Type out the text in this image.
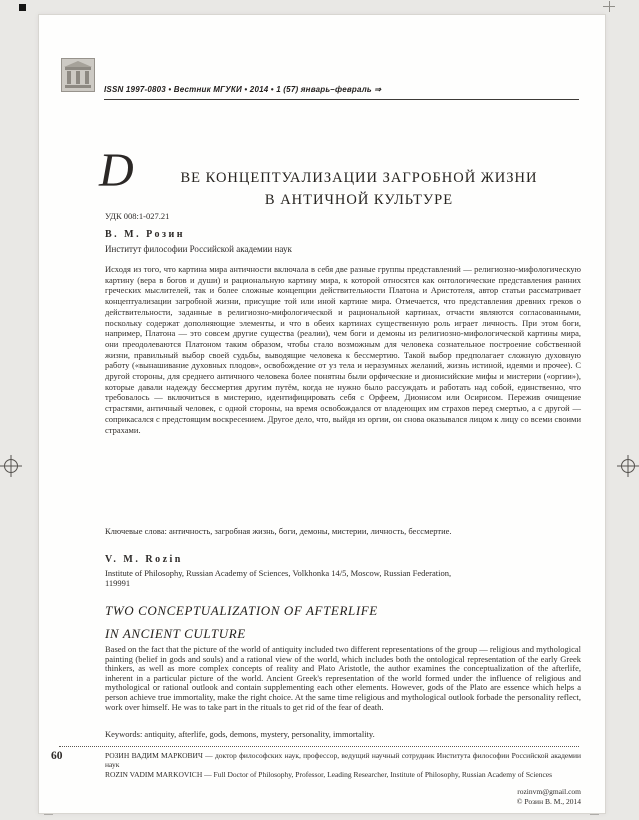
ISSN 1997-0803 • Вестник МГУКИ • 2014 • 1 (57) январь–февраль ⇒
D	ВЕ КОНЦЕПТУАЛИЗАЦИИ ЗАГРОБНОЙ ЖИЗНИ
В АНТИЧНОЙ КУЛЬТУРЕ
УДК 008:1-027.21
В. М. Розин
Институт философии Российской академии наук
Исходя из того, что картина мира античности включала в себя две разные группы представлений — религиозно-мифологическую картину (вера в богов и души) и рациональную картину мира, к которой относятся как онтологические представления ранних греческих мыслителей, так и более сложные концепции действительности Платона и Аристотеля, автор статьи рассматривает концептуализации загробной жизни, присущие той или иной картине мира. Отмечается, что представления древних греков о действительности, заданные в религиозно-мифологической и рациональной картинах, отчасти являются согласованными, поскольку содержат дополняющие элементы, и что в обеих картинах существенную роль играет личность. При этом боги, например, Платона — это совсем другие существа (реалии), чем боги и демоны из религиозно-мифологической картины мира, они преодолеваются Платоном таким образом, чтобы стало возможным для человека сознательное построение собственной жизни, правильный выбор своей судьбы, выводящие человека к бессмертию. Такой выбор предполагает сложную духовную работу («вынашивание духовных плодов», освобождение от уз тела и неразумных желаний, жизнь истиной, идеями и прочее). С другой стороны, для среднего античного человека более понятны были орфические и дионисийские мифы и мистерии («оргии»), которые давали надежду бессмертия другим путём, когда не нужно было рассуждать и работать над собой, единственно, что требовалось — включиться в мистерию, идентифицировать себя с Орфеем, Дионисом или Осирисом. Пережив очищение страстями, античный человек, с одной стороны, на время освобождался от владеющих им страхов перед смертью, а с другой — соприкасался с предстоящим воскресением. Другое дело, что, выйдя из оргии, он снова оказывался лицом к лицу со всеми своими страхами.
Ключевые слова: античность, загробная жизнь, боги, демоны, мистерии, личность, бессмертие.
V. M. Rozin
Institute of Philosophy, Russian Academy of Sciences, Volkhonka 14/5, Moscow, Russian Federation, 119991
TWO CONCEPTUALIZATION OF AFTERLIFE
IN ANCIENT CULTURE
Based on the fact that the picture of the world of antiquity included two different representations of the group — religious and mythological painting (belief in gods and souls) and a rational view of the world, which includes both the ontological representation of the early Greek thinkers, as well as more complex concepts of reality and Plato Aristotle, the author examines the conceptualization of the afterlife, inherent in a particular picture of the world. Ancient Greek's representation of the world formed under the influence of religious and mythological or rational outlook and contain supplementing each other elements. However, gods of the Plato are essence which helps a person achieve true immortality, make the right choice. At the same time religious and mythological outlook forbade the personality reflect, work over himself. He was to take part in the rituals to get rid of the fear of death.
Keywords: antiquity, afterlife, gods, demons, mystery, personality, immortality.
60	РОЗИН ВАДИМ МАРКОВИЧ — доктор философских наук, профессор, ведущий научный сотрудник Института философии Российской академии наук
ROZIN VADIM MARKOVICH — Full Doctor of Philosophy, Professor, Leading Researcher, Institute of Philosophy, Russian Academy of Sciences
rozinvm@gmail.com
© Розин В. М., 2014
